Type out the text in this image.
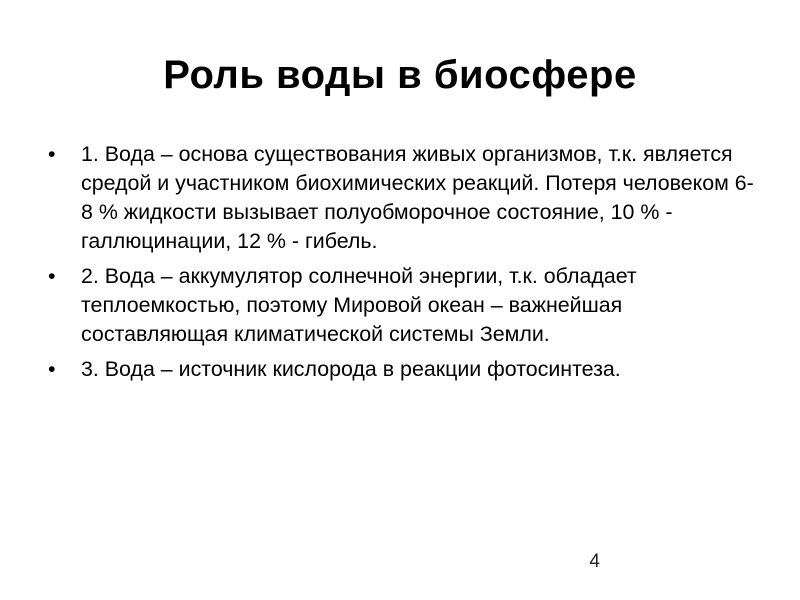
Роль воды в биосфере
• 1. Вода – основа существования живых организмов, т.к. является средой и участником биохимических реакций. Потеря человеком 6-8 % жидкости вызывает полуобморочное состояние, 10 % - галлюцинации, 12 % - гибель.
• 2. Вода – аккумулятор солнечной энергии, т.к. обладает теплоемкостью, поэтому Мировой океан – важнейшая составляющая климатической системы Земли.
• 3. Вода – источник кислорода в реакции фотосинтеза.
4
